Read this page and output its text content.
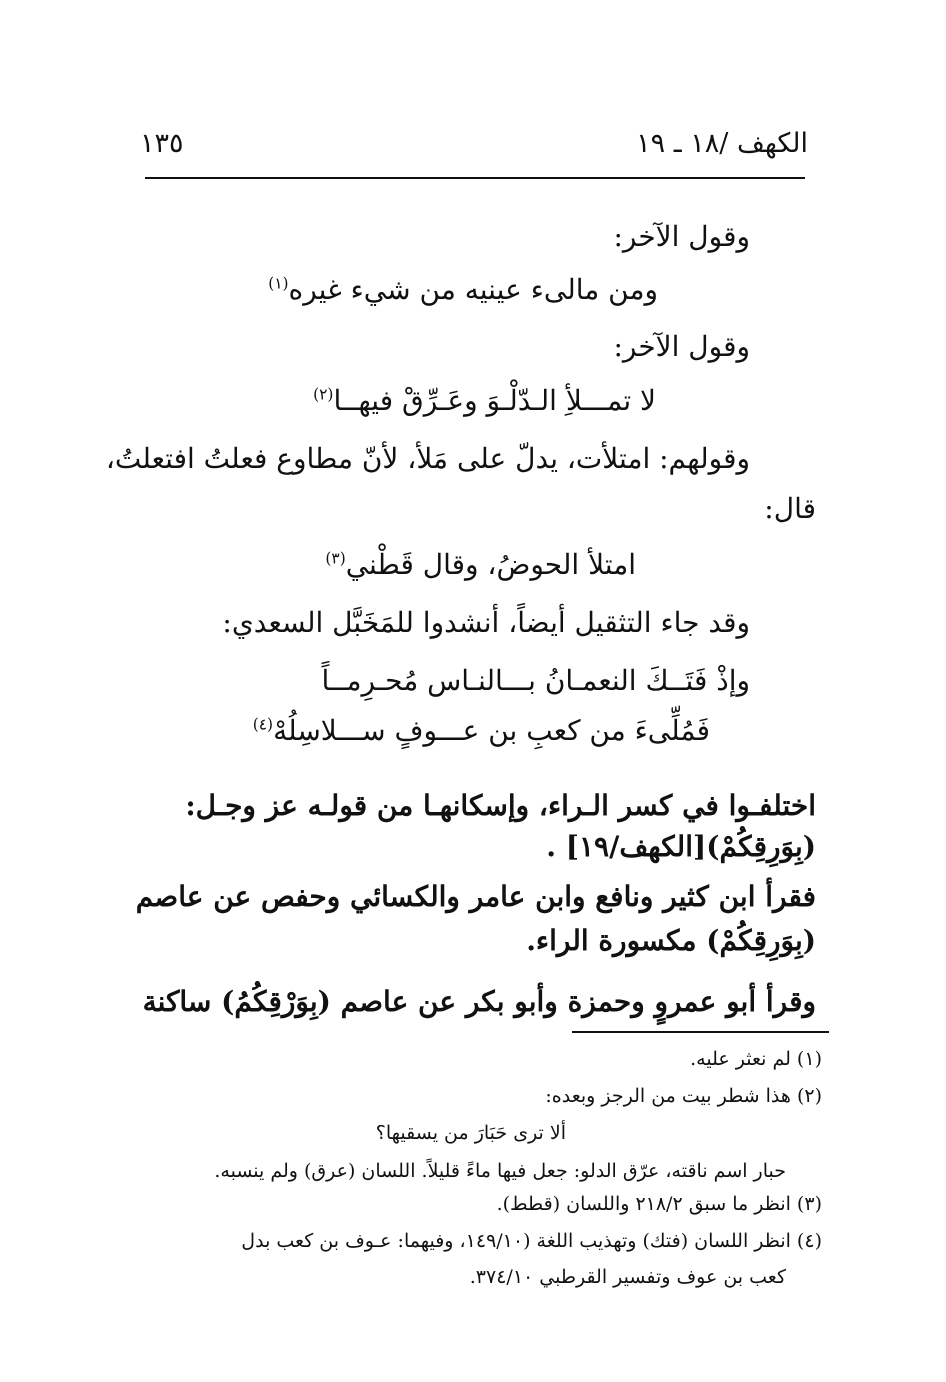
الكهف /١٨ ـ ١٩
١٣٥
وقول الآخر:
ومن مالىء عينيه من شيء غيره$^{(١)}$
وقول الآخر:
لا تمـــلأِ الـدّلْـوَ وعَـرِّقْ فيهــا$^{(٢)}$
وقولهم: امتلأت، يدلّ على مَلأ، لأنّ مطاوع فعلتُ افتعلتُ،
قال:
امتلأ الحوضُ، وقال قَطْني$^{(٣)}$
وقد جاء التثقيل أيضاً، أنشدوا للمَخَبَّل السعدي:
وإذْ فَتَــكَ النعمـانُ بـــالنـاس مُحـرِمــاً
فَمُلِّىءَ من كعبِ بن عـــوفٍ ســـلاسِلُهْ$^{(٤)}$
اختلفـوا في كسر الـراء، وإسكانهـا من قولـه عز وجـل:
(بِوَرِقِكُمْ)[الكهف/١٩] .
فقرأ ابن كثير ونافع وابن عامر والكسائي وحفص عن عاصم
(بِوَرِقِكُمْ) مكسورة الراء.
وقرأ أبو عمروٍ وحمزة وأبو بكر عن عاصم (بِوَرْقِكُمُ) ساكنة
(١) لم نعثر عليه.
(٢) هذا شطر بيت من الرجز وبعده:
ألا ترى حَبَارَ من يسقيها؟
حبار اسم ناقته، عرّق الدلو: جعل فيها ماءً قليلاً. اللسان (عرق) ولم ينسبه.
(٣) انظر ما سبق ٢١٨/٢ واللسان (قطط).
(٤) انظر اللسان (فتك) وتهذيب اللغة (١٤٩/١٠، وفيهما: عـوف بن كعب بدل
كعب بن عوف وتفسير القرطبي ٣٧٤/١٠.
